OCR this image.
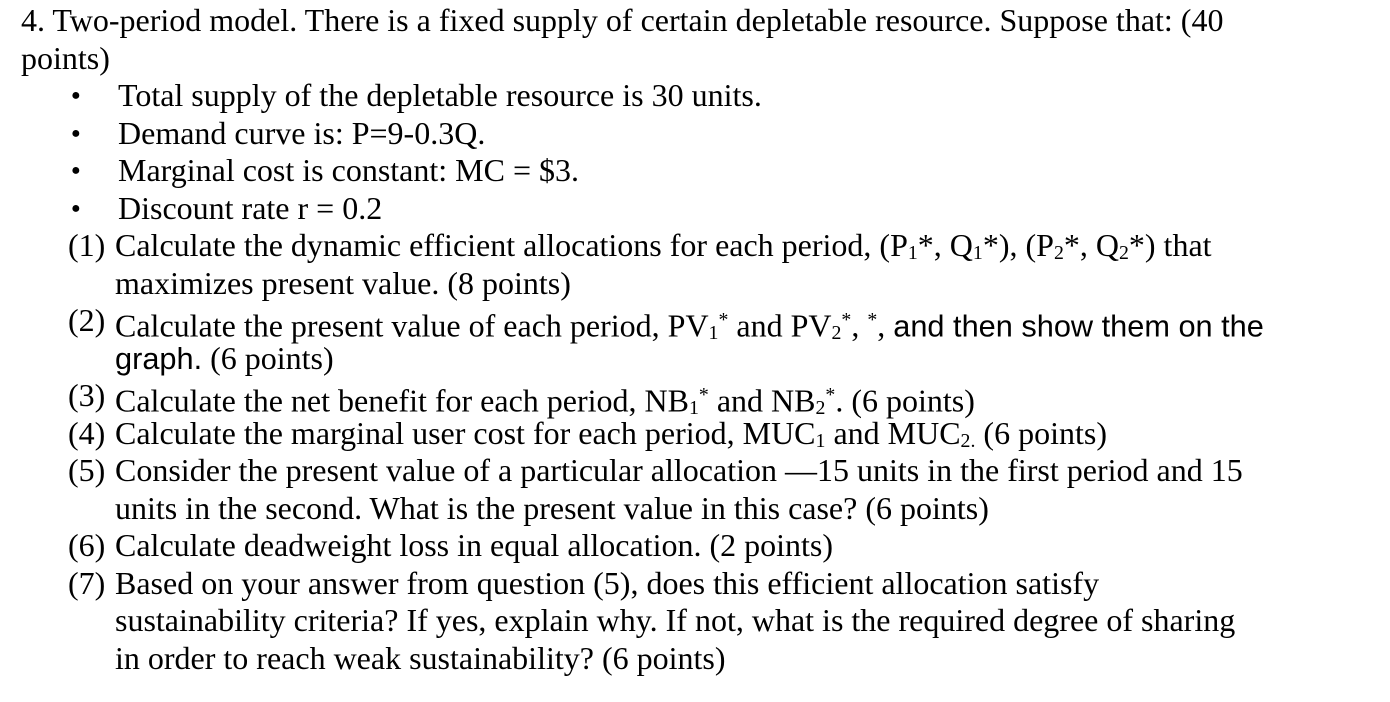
4. Two-period model. There is a fixed supply of certain depletable resource. Suppose that: (40
points)
● Total supply of the depletable resource is 30 units.
● Demand curve is: P=9-0.3Q.
● Marginal cost is constant: MC = $3.
● Discount rate r = 0.2
(1) Calculate the dynamic efficient allocations for each period, (P1*, Q1*), (P2*, Q2*) that
maximizes present value. (8 points)
(2) Calculate the present value of each period, PV1* and PV2*, *, and then show them on the
graph. (6 points)
(3) Calculate the net benefit for each period, NB1* and NB2*. (6 points)
(4) Calculate the marginal user cost for each period, MUC1 and MUC2. (6 points)
(5) Consider the present value of a particular allocation —15 units in the first period and 15
units in the second. What is the present value in this case? (6 points)
(6) Calculate deadweight loss in equal allocation. (2 points)
(7) Based on your answer from question (5), does this efficient allocation satisfy
sustainability criteria? If yes, explain why. If not, what is the required degree of sharing
in order to reach weak sustainability? (6 points)
